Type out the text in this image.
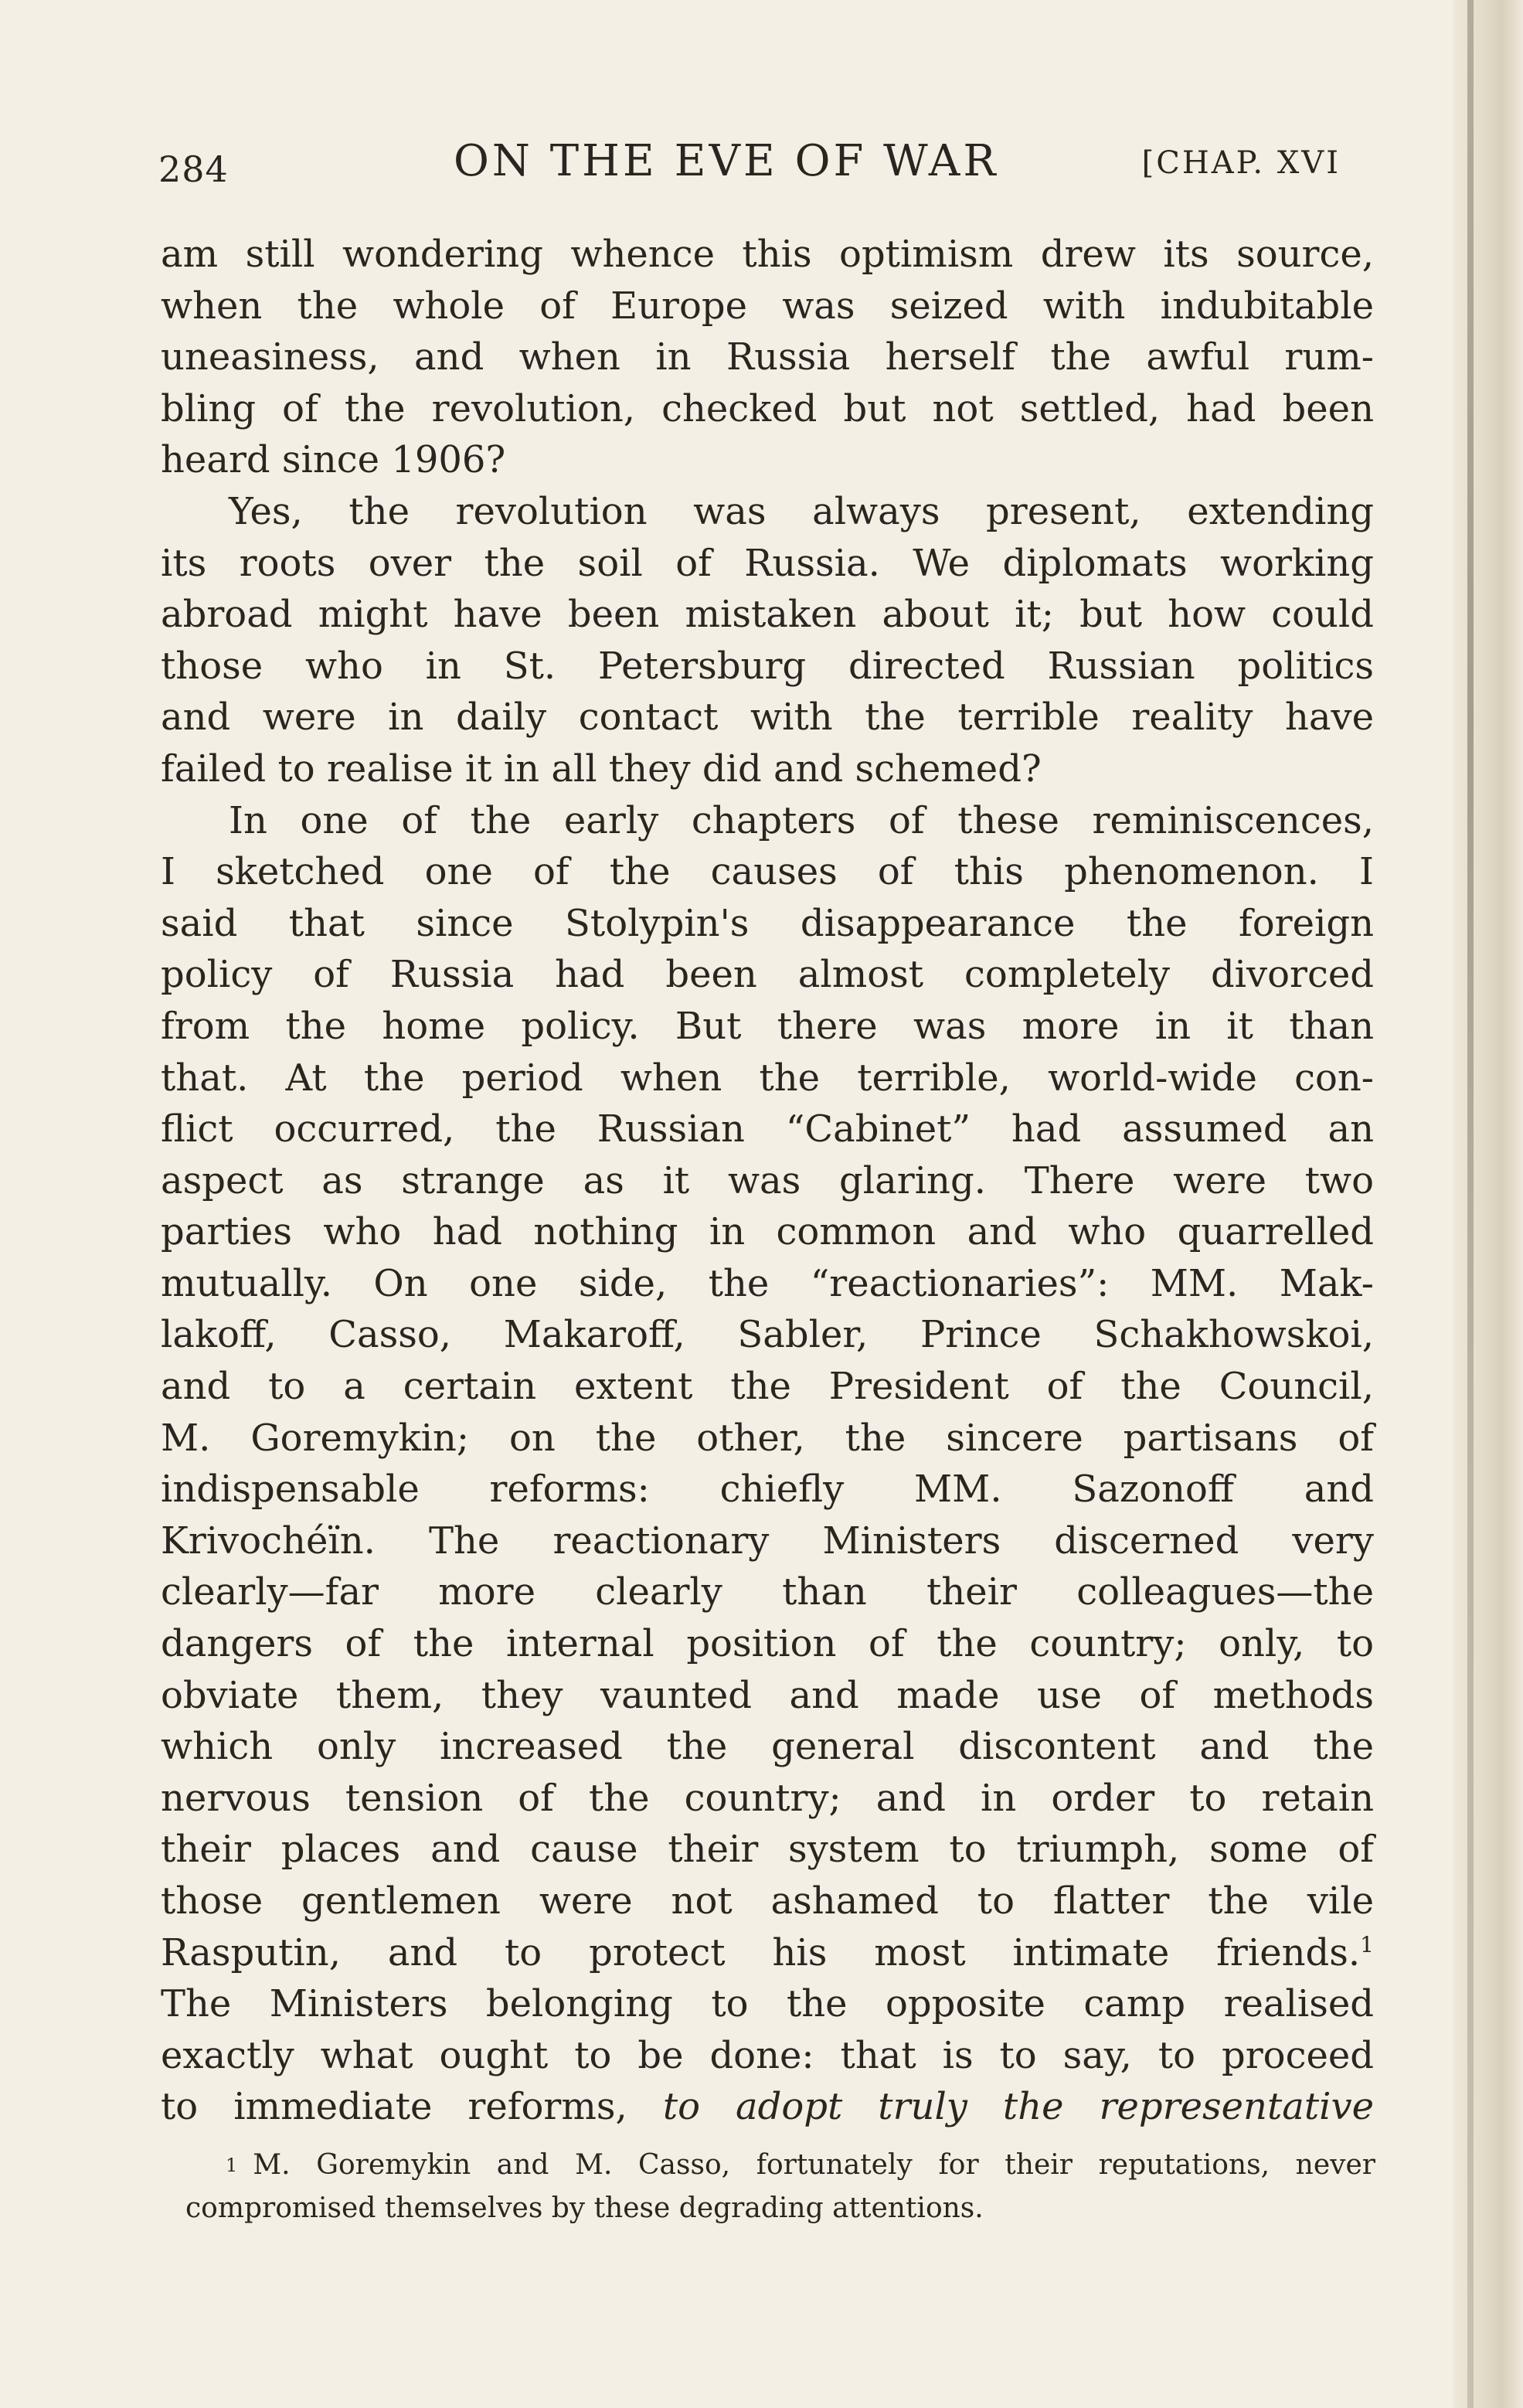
284	ON THE EVE OF WAR	[CHAP. XVI
am still wondering whence this optimism drew its source,
when the whole of Europe was seized with indubitable
uneasiness, and when in Russia herself the awful rum-
bling of the revolution, checked but not settled, had been
heard since 1906?
Yes, the revolution was always present, extending
its roots over the soil of Russia. We diplomats working
abroad might have been mistaken about it; but how could
those who in St. Petersburg directed Russian politics
and were in daily contact with the terrible reality have
failed to realise it in all they did and schemed?
In one of the early chapters of these reminiscences,
I sketched one of the causes of this phenomenon. I
said that since Stolypin's disappearance the foreign
policy of Russia had been almost completely divorced
from the home policy. But there was more in it than
that. At the period when the terrible, world-wide con-
flict occurred, the Russian “Cabinet” had assumed an
aspect as strange as it was glaring. There were two
parties who had nothing in common and who quarrelled
mutually. On one side, the “reactionaries”: MM. Mak-
lakoff, Casso, Makaroff, Sabler, Prince Schakhowskoi,
and to a certain extent the President of the Council,
M. Goremykin; on the other, the sincere partisans of
indispensable reforms: chiefly MM. Sazonoff and
Krivochéïn. The reactionary Ministers discerned very
clearly—far more clearly than their colleagues—the
dangers of the internal position of the country; only, to
obviate them, they vaunted and made use of methods
which only increased the general discontent and the
nervous tension of the country; and in order to retain
their places and cause their system to triumph, some of
those gentlemen were not ashamed to flatter the vile
Rasputin, and to protect his most intimate friends.$^1$
The Ministers belonging to the opposite camp realised
exactly what ought to be done: that is to say, to proceed
to immediate reforms, to adopt truly the representative
$^1$ M. Goremykin and M. Casso, fortunately for their reputations, never
compromised themselves by these degrading attentions.
